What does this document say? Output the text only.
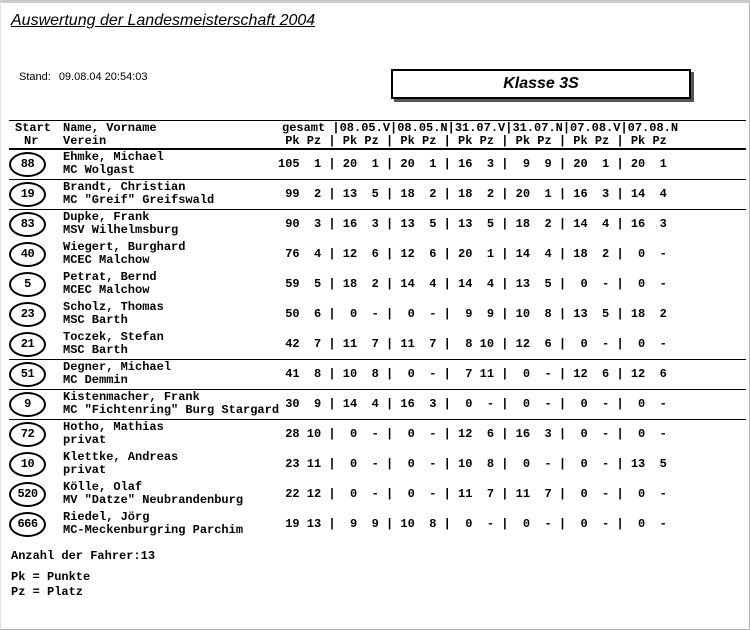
Auswertung der Landesmeisterschaft 2004
Stand: 09.08.04 20:54:03	Klasse 3S
Start
Nr
Name, Vorname
Verein
gesamt |08.05.V|08.05.N|31.07.V|31.07.N|07.08.V|07.08.N
Pk Pz | Pk Pz | Pk Pz | Pk Pz | Pk Pz | Pk Pz | Pk Pz
88 Ehmke, Michael
MC Wolgast	105  1 | 20  1 | 20  1 | 16  3 |  9  9 | 20  1 | 20  1
19 Brandt, Christian
MC "Greif" Greifswald	99  2 | 13  5 | 18  2 | 18  2 | 20  1 | 16  3 | 14  4
83 Dupke, Frank
MSV Wilhelmsburg	90  3 | 16  3 | 13  5 | 13  5 | 18  2 | 14  4 | 16  3
40 Wiegert, Burghard
MCEC Malchow	76  4 | 12  6 | 12  6 | 20  1 | 14  4 | 18  2 |  0  -
5	Petrat, Bernd
MCEC Malchow	59  5 | 18  2 | 14  4 | 14  4 | 13  5 |  0  - |  0  -
23 Scholz, Thomas
MSC Barth	50  6 |  0  - |  0  - |  9  9 | 10  8 | 13  5 | 18  2
21 Toczek, Stefan
MSC Barth	42  7 | 11  7 | 11  7 |  8 10 | 12  6 |  0  - |  0  -
51 Degner, Michael
MC Demmin	41  8 | 10  8 |  0  - |  7 11 |  0  - | 12  6 | 12  6
9	Kistenmacher, Frank
MC "Fichtenring" Burg Stargard
30  9 | 14  4 | 16  3 |  0  - |  0  - |  0  - |  0  -
72 Hotho, Mathias
privat	28 10 |  0  - |  0  - | 12  6 | 16  3 |  0  - |  0  -
10 Klettke, Andreas
privat	23 11 |  0  - |  0  - | 10  8 |  0  - |  0  - | 13  5
520 Kölle, Olaf
MV "Datze" Neubrandenburg	22 12 |  0  - |  0  - | 11  7 | 11  7 |  0  - |  0  -
666 Riedel, Jörg
MC-Meckenburgring Parchim	19 13 |  9  9 | 10  8 |  0  - |  0  - |  0  - |  0  -
Anzahl der Fahrer:13
Pk = Punkte
Pz = Platz
